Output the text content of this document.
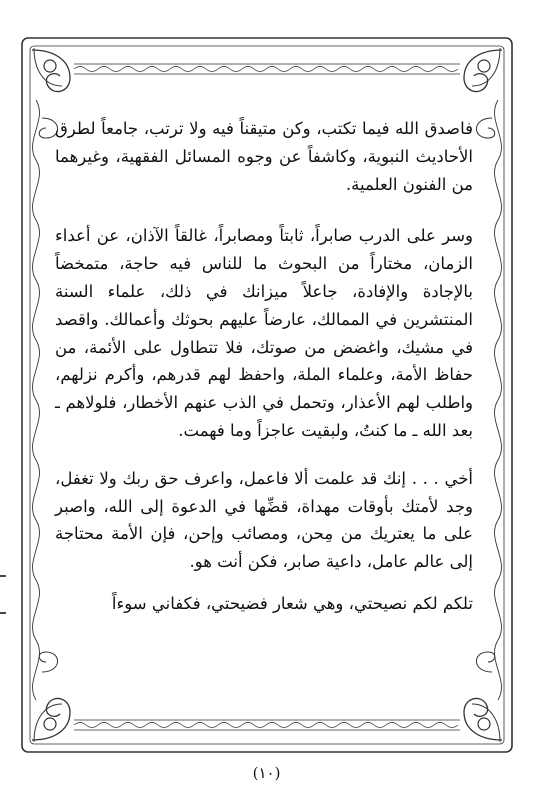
فاصدق الله فيما تكتب، وكن متيقناً فيه ولا ترتب، جامعاً لطرق الأحاديث النبوية، وكاشفاً عن وجوه المسائل الفقهية، وغيرهما من الفنون العلمية.

وسر على الدرب صابراً، ثابتاً ومصابراً، غالقاً الآذان، عن أعداء الزمان، مختاراً من البحوث ما للناس فيه حاجة، متمخضاً بالإجادة والإفادة، جاعلاً ميزانك في ذلك، علماء السنة المنتشرين في الممالك، عارضاً عليهم بحوثك وأعمالك. واقصد في مشيك، واغضض من صوتك، فلا تتطاول على الأئمة، من حفاظ الأمة، وعلماء الملة، واحفظ لهم قدرهم، وأكرم نزلهم، واطلب لهم الأعذار، وتحمل في الذب عنهم الأخطار، فلولاهم ـ بعد الله ـ ما كنتُ، ولبقيت عاجزاً وما فهمت.

أخي . . . إنك قد علمت ألا فاعمل، واعرف حق ربك ولا تغفل، وجد لأمتك بأوقات مهداة، قضِّها في الدعوة إلى الله، واصبر على ما يعتريك من مِحن، ومصائب وإحن، فإن الأمة محتاجة إلى عالم عامل، داعية صابر، فكن أنت هو.

تلكم لكم نصيحتي، وهي شعار فضيحتي، فكفاني سوءاً

(١٠)
